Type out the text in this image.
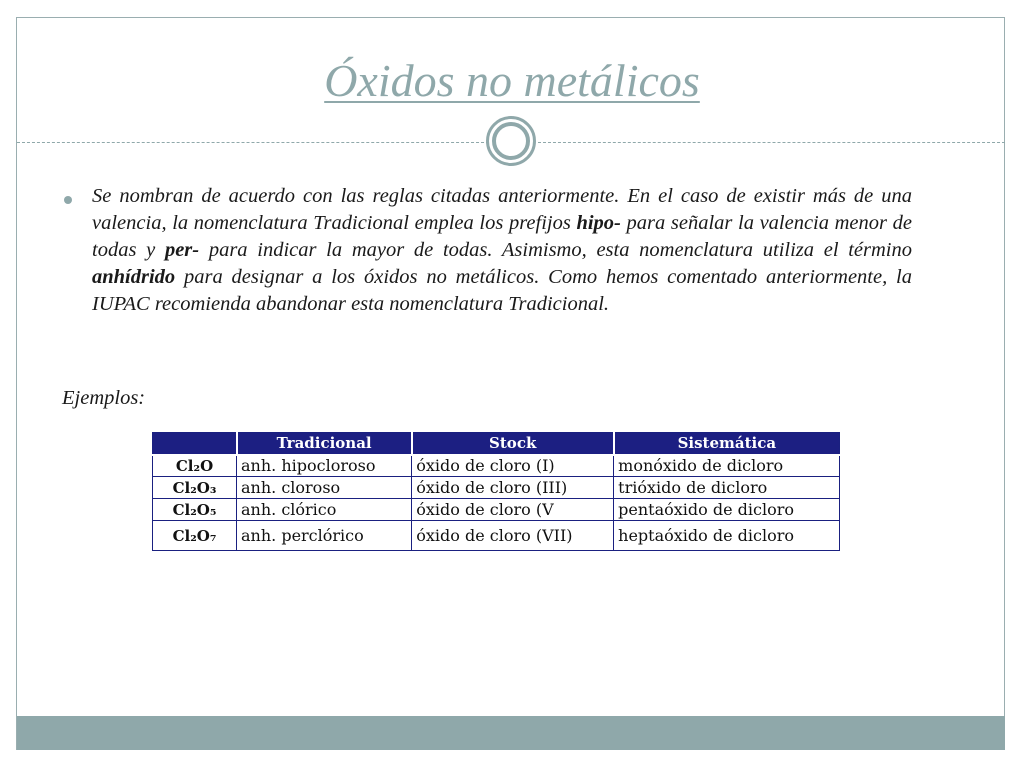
Óxidos no metálicos

Se nombran de acuerdo con las reglas citadas anteriormente. En el caso de existir más de una valencia, la nomenclatura Tradicional emplea los prefijos hipo- para señalar la valencia menor de todas y per- para indicar la mayor de todas. Asimismo, esta nomenclatura utiliza el término anhídrido para designar a los óxidos no metálicos. Como hemos comentado anteriormente, la IUPAC recomienda abandonar esta nomenclatura Tradicional.

Ejemplos:

	Tradicional	Stock	Sistemática
Cl₂O	anh. hipocloroso	óxido de cloro (I)	monóxido de dicloro
Cl₂O₃	anh. cloroso	óxido de cloro (III)	trióxido de dicloro
Cl₂O₅	anh. clórico	óxido de cloro (V	pentaóxido de dicloro
Cl₂O₇	anh. perclórico	óxido de cloro (VII)	heptaóxido de dicloro
